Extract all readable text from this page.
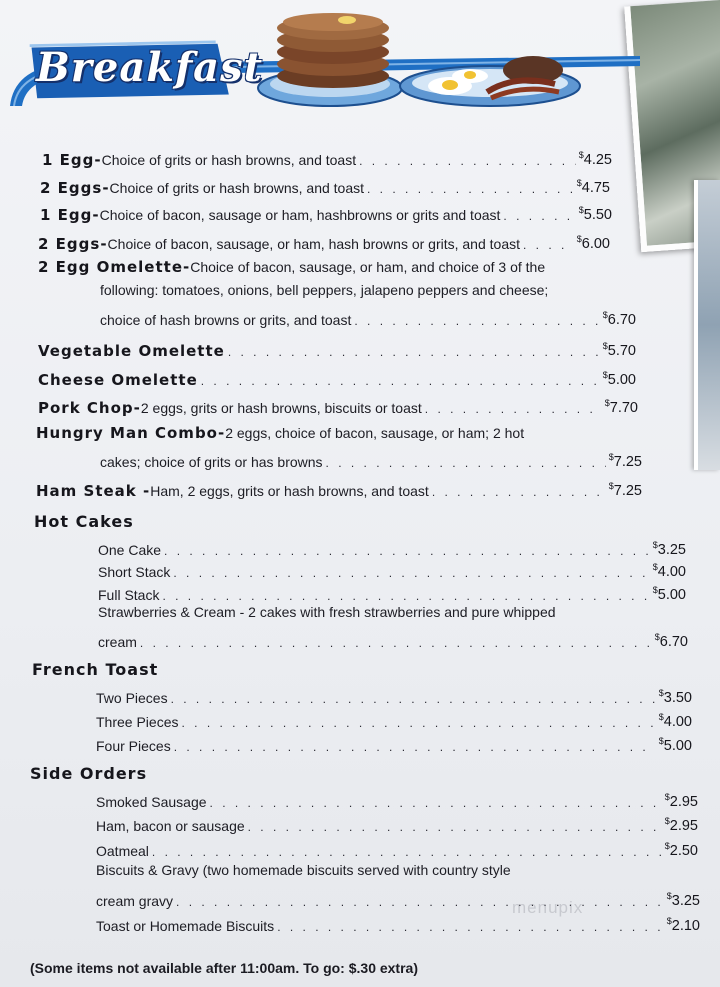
Breakfast
1 Egg - Choice of grits or hash browns, and toast . . .	$4.25
2 Eggs - Choice of grits or hash browns, and toast . . .	$4.75
1 Egg - Choice of bacon, sausage or ham, hashbrowns or grits and toast . . .	$5.50
2 Eggs - Choice of bacon, sausage, or ham, hash browns or grits, and toast . . .	$6.00
2 Egg Omelette-Choice of bacon, sausage, or ham, and choice of 3 of the
following: tomatoes, onions, bell peppers, jalapeno peppers and cheese;
choice of hash browns or grits, and toast . . .	$6.70
Vegetable Omelette . . .	$5.70
Cheese Omelette . . .	$5.00
Pork Chop - 2 eggs, grits or hash browns, biscuits or toast . . .	$7.70
Hungry Man Combo-2 eggs, choice of bacon, sausage, or ham; 2 hot
cakes; choice of grits or has browns . . .	$7.25
Ham Steak - Ham, 2 eggs, grits or hash browns, and toast . . .	$7.25
Hot Cakes
One Cake . . .	$3.25
Short Stack . . .	$4.00
Full Stack . . .	$5.00
Strawberries & Cream - 2 cakes with fresh strawberries and pure whipped
cream . . .	$6.70
French Toast
Two Pieces . . .	$3.50
Three Pieces . . .	$4.00
Four Pieces . . .	$5.00
Side Orders
Smoked Sausage . . .	$2.95
Ham, bacon or sausage . . .	$2.95
Oatmeal . . .	$2.50
Biscuits & Gravy (two homemade biscuits served with country style
cream gravy . . .	$3.25
Toast or Homemade Biscuits . . .	$2.10
menupix
(Some items not available after 11:00am. To go: $.30 extra)
